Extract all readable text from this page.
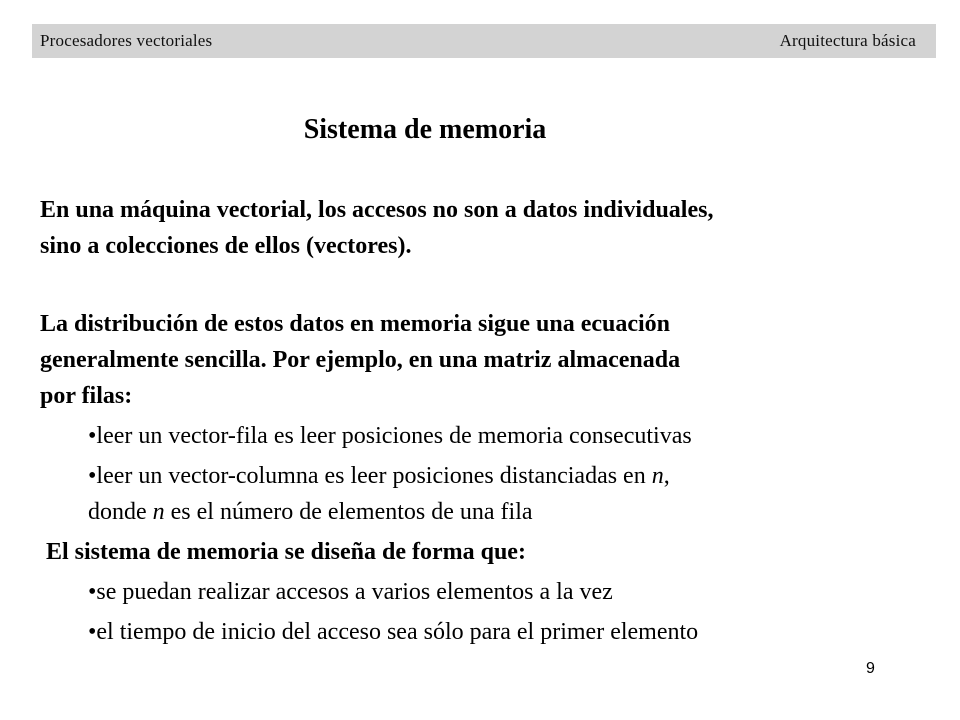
Procesadores vectoriales	Arquitectura básica
Sistema de memoria
En una máquina vectorial, los accesos no son a datos individuales,
sino a colecciones de ellos (vectores).
La distribución de estos datos en memoria sigue una ecuación
generalmente sencilla. Por ejemplo, en una matriz almacenada
por filas:
•leer un vector-fila es leer posiciones de memoria consecutivas
•leer un vector-columna es leer posiciones distanciadas en n,
donde n es el número de elementos de una fila
El sistema de memoria se diseña de forma que:
•se puedan realizar accesos a varios elementos a la vez
•el tiempo de inicio del acceso sea sólo para el primer elemento
9
